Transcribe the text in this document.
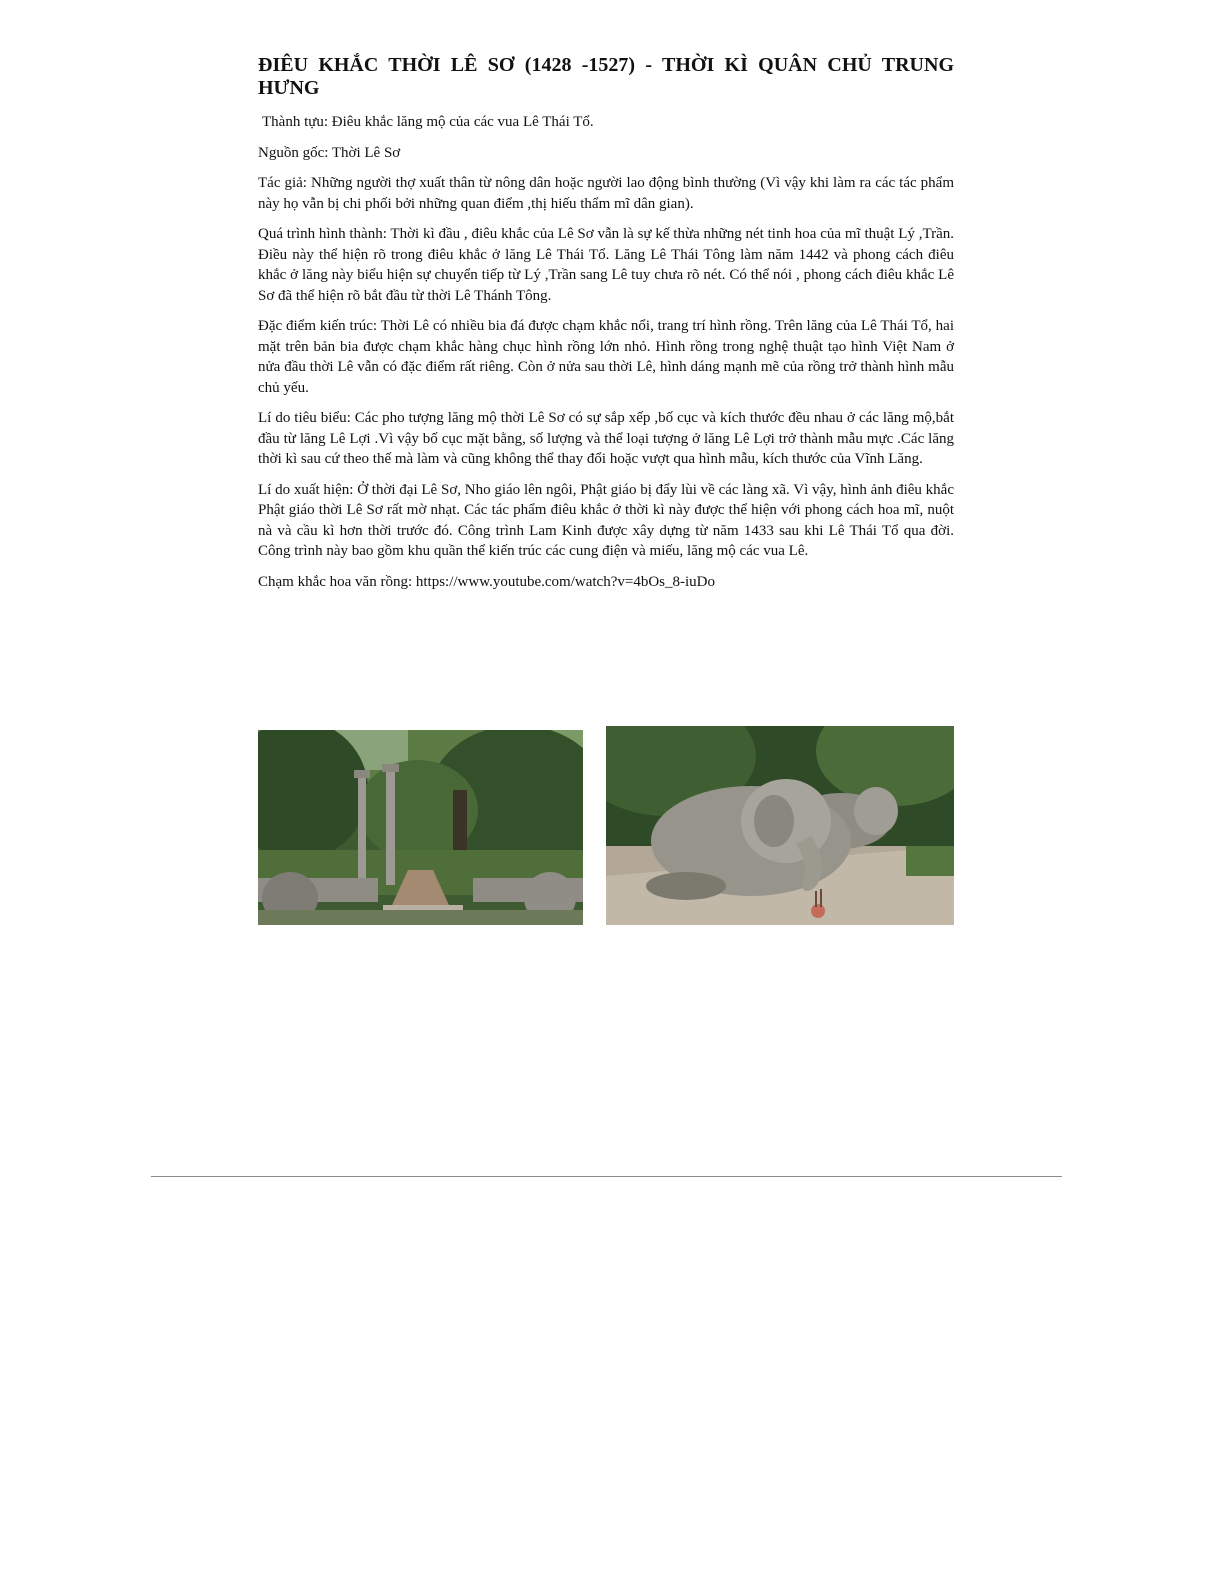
ĐIÊU KHẮC THỜI LÊ SƠ (1428 -1527) - THỜI KÌ QUÂN CHỦ TRUNG
HƯNG

Thành tựu: Điêu khắc lăng mộ của các vua Lê Thái Tổ.

Nguồn gốc: Thời Lê Sơ

Tác giả: Những người thợ xuất thân từ nông dân hoặc người lao động bình thường (Vì vậy khi làm ra các tác phẩm này họ vẫn bị chi phối bởi những quan điểm ,thị hiếu thẩm mĩ dân gian).

Quá trình hình thành: Thời kì đầu , điêu khắc của Lê Sơ vẫn là sự kế thừa những nét tinh hoa của mĩ thuật Lý ,Trần. Điều này thể hiện rõ trong điêu khắc ở lăng Lê Thái Tổ. Lăng Lê Thái Tông làm năm 1442 và phong cách điêu khắc ở lăng này biểu hiện sự chuyển tiếp từ Lý ,Trần sang Lê tuy chưa rõ nét. Có thể nói , phong cách điêu khắc Lê Sơ đã thể hiện rõ bắt đầu từ thời Lê Thánh Tông.

Đặc điểm kiến trúc: Thời Lê có nhiều bia đá được chạm khắc nổi, trang trí hình rồng. Trên lăng của Lê Thái Tổ, hai mặt trên bản bia được chạm khắc hàng chục hình rồng lớn nhỏ. Hình rồng trong nghệ thuật tạo hình Việt Nam ở nửa đầu thời Lê vẫn có đặc điểm rất riêng. Còn ở nửa sau thời Lê, hình dáng mạnh mẽ của rồng trở thành hình mẫu chủ yếu.

Lí do tiêu biểu: Các pho tượng lăng mộ thời Lê Sơ có sự sắp xếp ,bố cục và kích thước đều nhau ở các lăng mộ,bắt đầu từ lăng Lê Lợi .Vì vậy bố cục mặt bằng, số lượng và thể loại tượng ở lăng Lê Lợi trở thành mẫu mực .Các lăng thời kì sau cứ theo thế mà làm và cũng không thể thay đổi hoặc vượt qua hình mẫu, kích thước của Vĩnh Lăng.

Lí do xuất hiện: Ở thời đại Lê Sơ, Nho giáo lên ngôi, Phật giáo bị đẩy lùi về các làng xã. Vì vậy, hình ảnh điêu khắc Phật giáo thời Lê Sơ rất mờ nhạt. Các tác phẩm điêu khắc ở thời kì này được thể hiện với phong cách hoa mĩ, nuột nà và cầu kì hơn thời trước đó. Công trình Lam Kinh được xây dựng từ năm 1433 sau khi Lê Thái Tổ qua đời. Công trình này bao gồm khu quần thể kiến trúc các cung điện và miếu, lăng mộ các vua Lê.

Chạm khắc hoa văn rồng: https://www.youtube.com/watch?v=4bOs_8-iuDo
